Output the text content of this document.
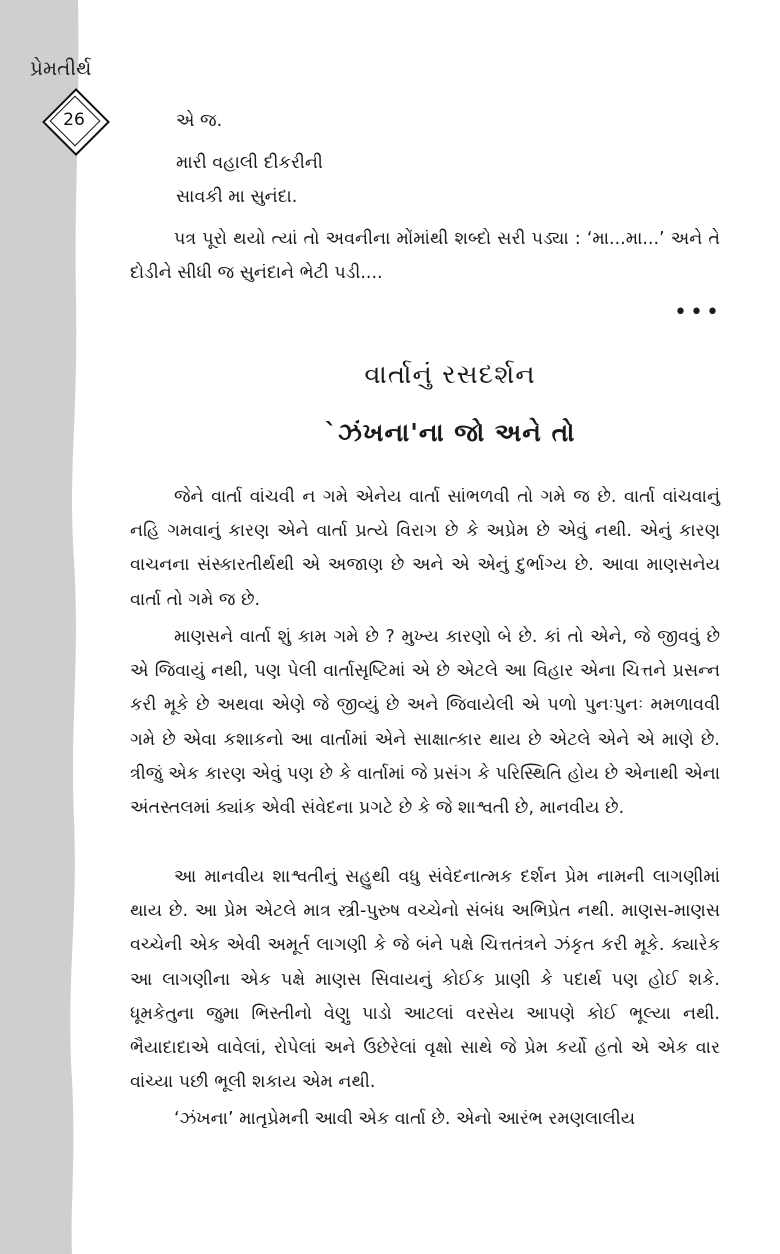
પ્રેમતીર્થ
26	એ જ.
મારી વહાલી દીકરીની
સાવકી મા સુનંદા.
પત્ર પૂરો થયો ત્યાં તો અવનીના મોંમાંથી શબ્દો સરી પડ્યા : ‘મા...મા...’ અને તે દોડીને સીધી જ સુનંદાને ભેટી પડી....
•••
વાર્તાનું રસદર્શન
`ઝંખના'ના જો અને તો
જેને વાર્તા વાંચવી ન ગમે એનેય વાર્તા સાંભળવી તો ગમે જ છે. વાર્તા વાંચવાનું નહિ ગમવાનું કારણ એને વાર્તા પ્રત્યે વિરાગ છે કે અપ્રેમ છે એવું નથી. એનું કારણ વાચનના સંસ્કારતીર્થથી એ અજાણ છે અને એ એનું દુર્ભાગ્ય છે. આવા માણસનેય વાર્તા તો ગમે જ છે.
માણસને વાર્તા શું કામ ગમે છે ? મુખ્ય કારણો બે છે. કાં તો એને, જે જીવવું છે એ જિવાયું નથી, પણ પેલી વાર્તાસૃષ્ટિમાં એ છે એટલે આ વિહાર એના ચિત્તને પ્રસન્ન કરી મૂકે છે અથવા એણે જે જીવ્યું છે અને જિવાયેલી એ પળો પુનઃપુનઃ મમળાવવી ગમે છે એવા કશાકનો આ વાર્તામાં એને સાક્ષાત્કાર થાય છે એટલે એને એ માણે છે. ત્રીજું એક કારણ એવું પણ છે કે વાર્તામાં જે પ્રસંગ કે પરિસ્થિતિ હોય છે એનાથી એના અંતસ્તલમાં ક્યાંક એવી સંવેદના પ્રગટે છે કે જે શાશ્વતી છે, માનવીય છે.
આ માનવીય શાશ્વતીનું સહુથી વધુ સંવેદનાત્મક દર્શન પ્રેમ નામની લાગણીમાં થાય છે. આ પ્રેમ એટલે માત્ર સ્ત્રી-પુરુષ વચ્ચેનો સંબંધ અભિપ્રેત નથી. માણસ-માણસ વચ્ચેની એક એવી અમૂર્ત લાગણી કે જે બંને પક્ષે ચિત્તતંત્રને ઝંકૃત કરી મૂકે. ક્યારેક આ લાગણીના એક પક્ષે માણસ સિવાયનું કોઈક પ્રાણી કે પદાર્થ પણ હોઈ શકે. ધૂમકેતુના જુમા ભિસ્તીનો વેણુ પાડો આટલાં વરસેય આપણે કોઈ ભૂલ્યા નથી. ભૈયાદાદાએ વાવેલાં, રોપેલાં અને ઉછેરેલાં વૃક્ષો સાથે જે પ્રેમ કર્યો હતો એ એક વાર વાંચ્યા પછી ભૂલી શકાય એમ નથી.
‘ઝંખના’ માતૃપ્રેમની આવી એક વાર્તા છે. એનો આરંભ રમણલાલીય
